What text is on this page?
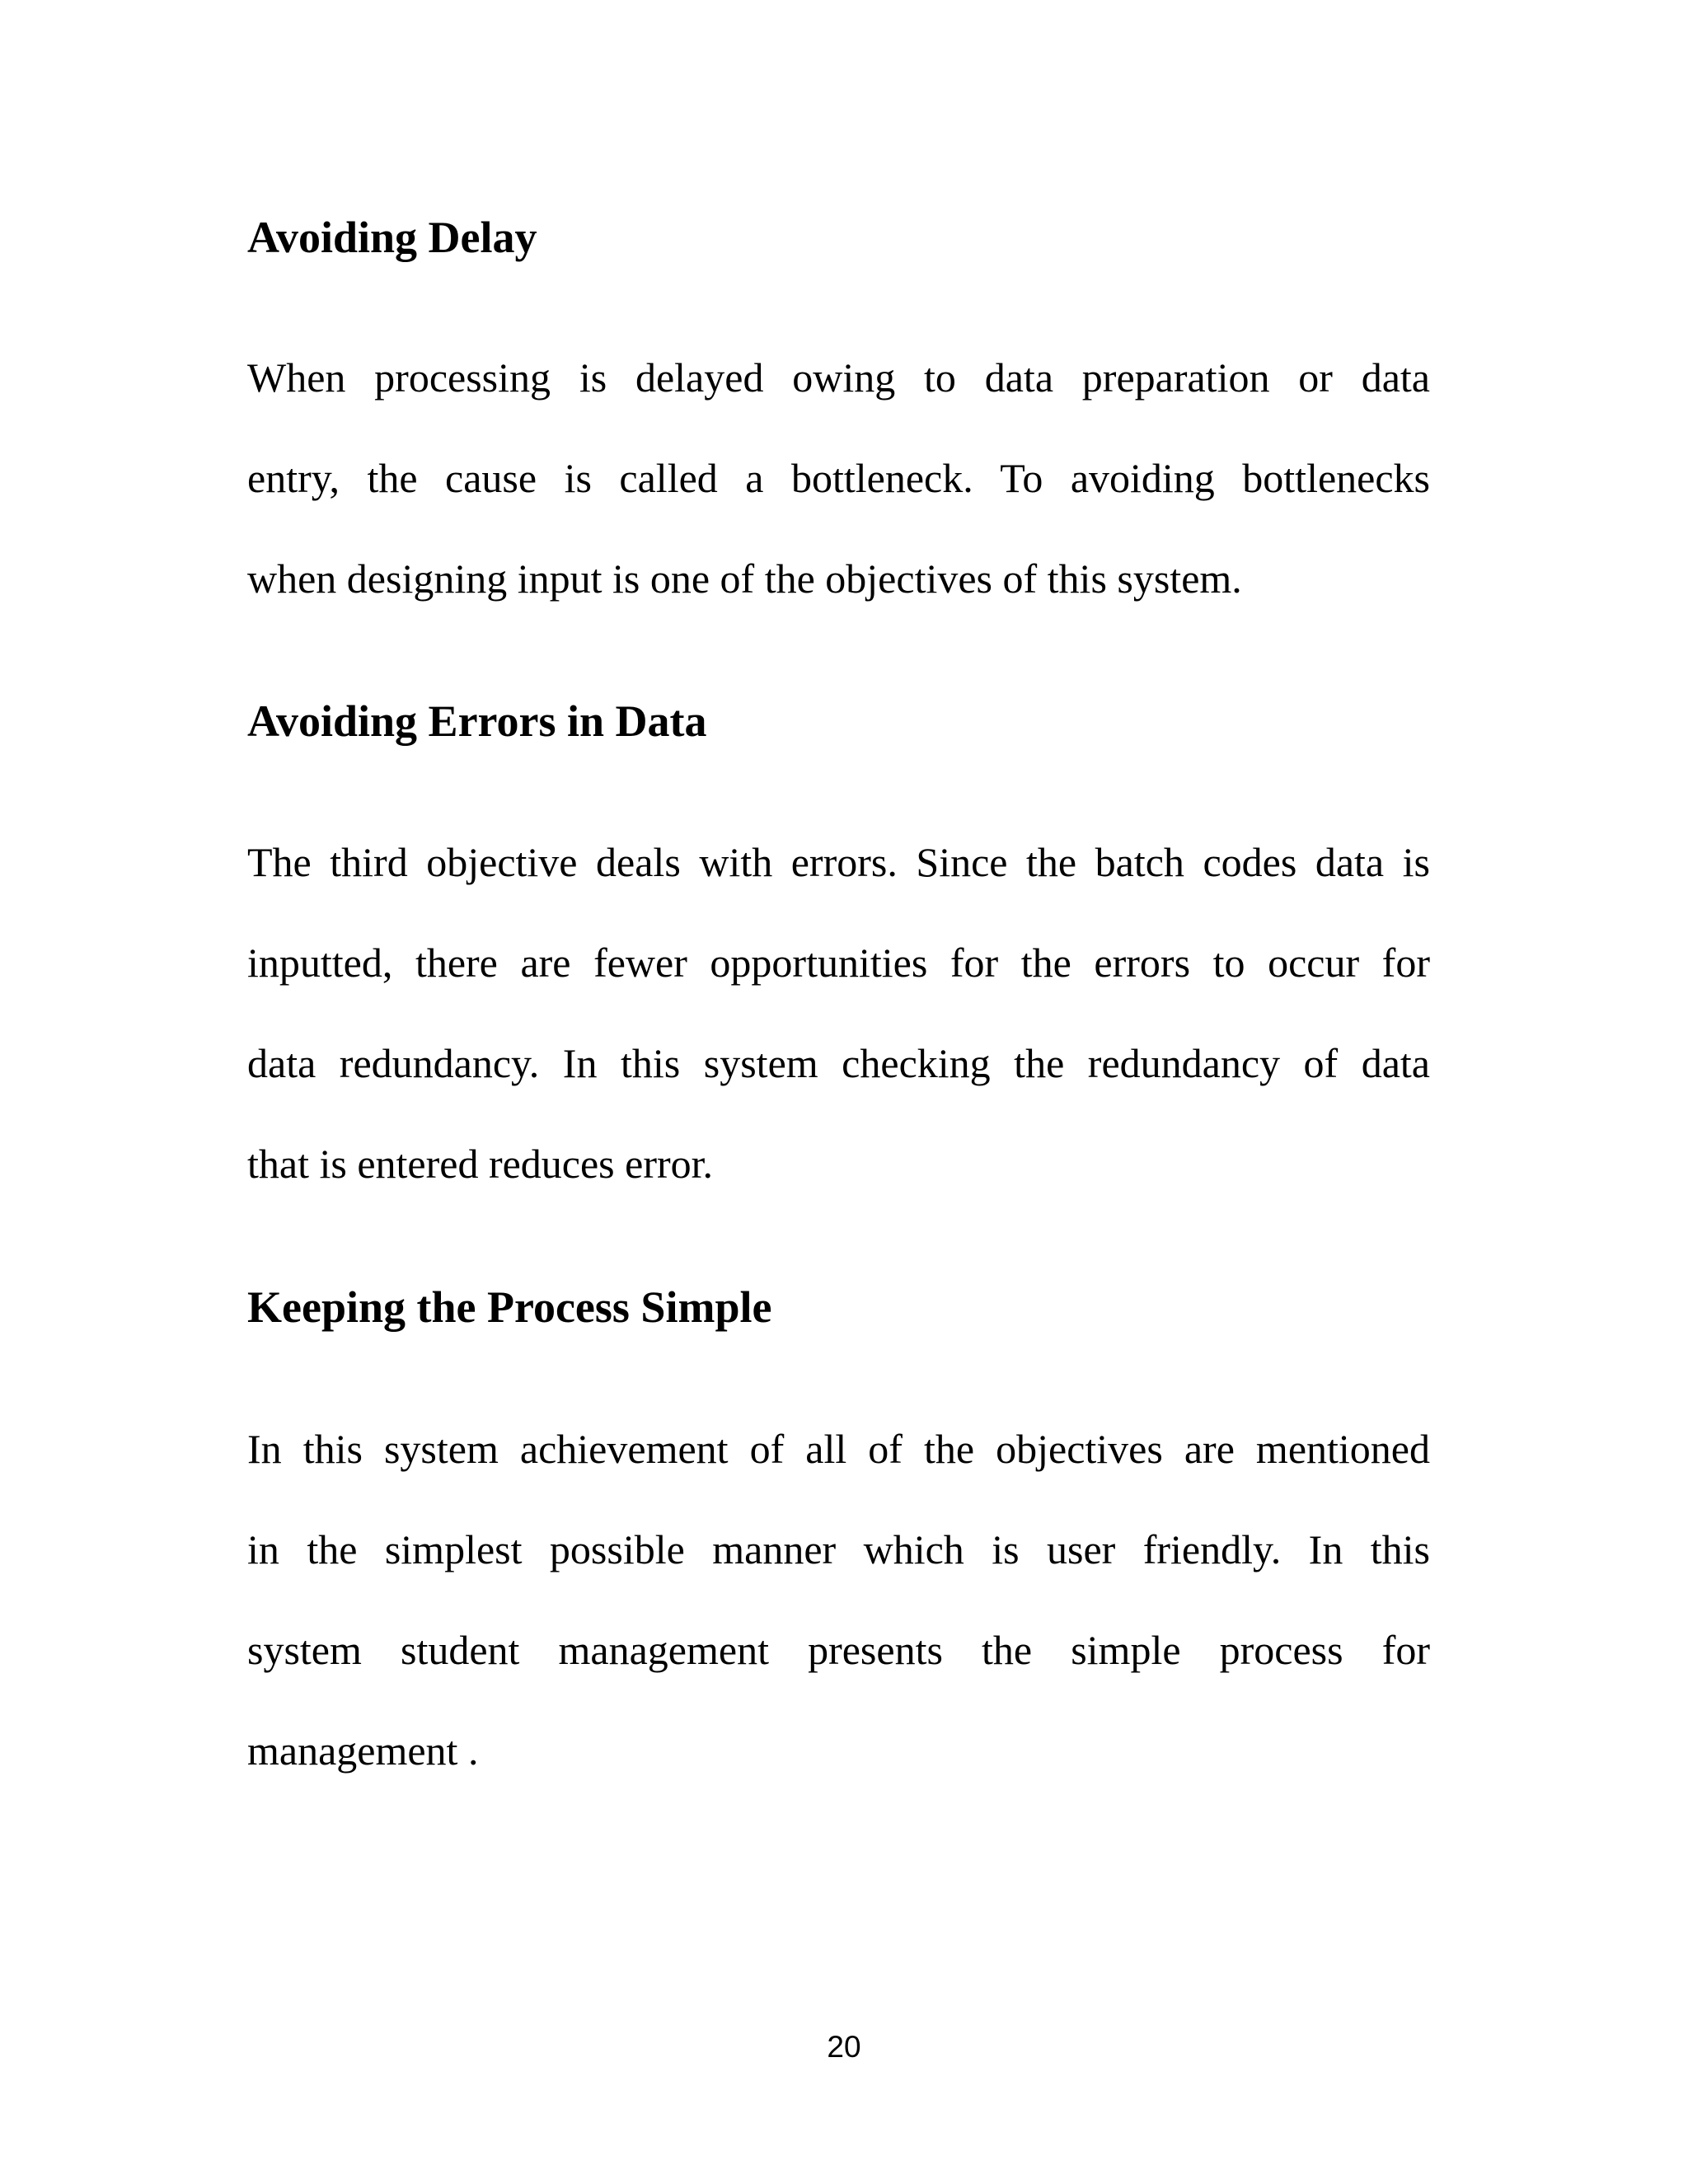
Avoiding Delay
When processing is delayed owing to data preparation or data
entry, the cause is called a bottleneck. To avoiding bottlenecks
when designing input is one of the objectives of this system.
Avoiding Errors in Data
The third objective deals with errors. Since the batch codes data is
inputted, there are fewer opportunities for the errors to occur for
data redundancy. In this system checking the redundancy of data
that is entered reduces error.
Keeping the Process Simple
In this system achievement of all of the objectives are mentioned
in the simplest possible manner which is user friendly. In this
system student management presents the simple process for
management .
20
